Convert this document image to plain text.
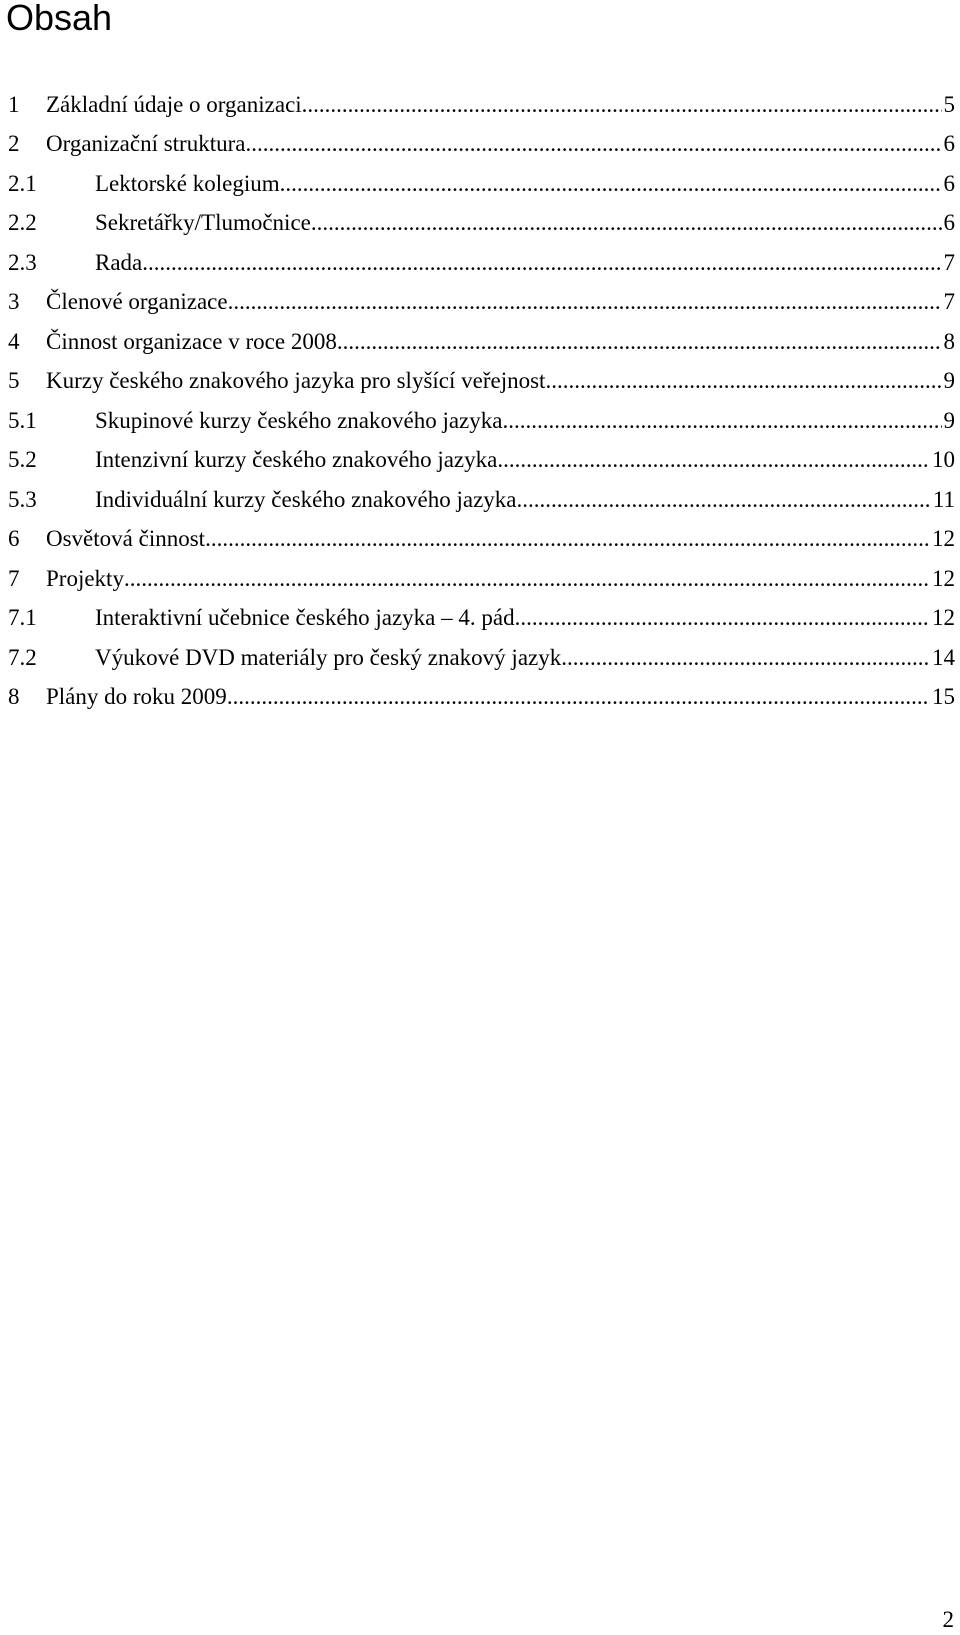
Obsah
1	Základní údaje o organizaci .....	5
2	Organizační struktura .....	6
2.1	Lektorské kolegium .....	6
2.2	Sekretářky/Tlumočnice .....	6
2.3	Rada .....	7
3	Členové organizace .....	7
4	Činnost organizace v roce 2008 .....	8
5	Kurzy českého znakového jazyka pro slyšící veřejnost .....	9
5.1	Skupinové kurzy českého znakového jazyka .....	9
5.2	Intenzivní kurzy českého znakového jazyka .....	10
5.3	Individuální kurzy českého znakového jazyka .....	11
6	Osvětová činnost .....	12
7	Projekty .....	12
7.1	Interaktivní učebnice českého jazyka – 4. pád .....	12
7.2	Výukové DVD materiály pro český znakový jazyk .....	14
8	Plány do roku 2009 .....	15
2
